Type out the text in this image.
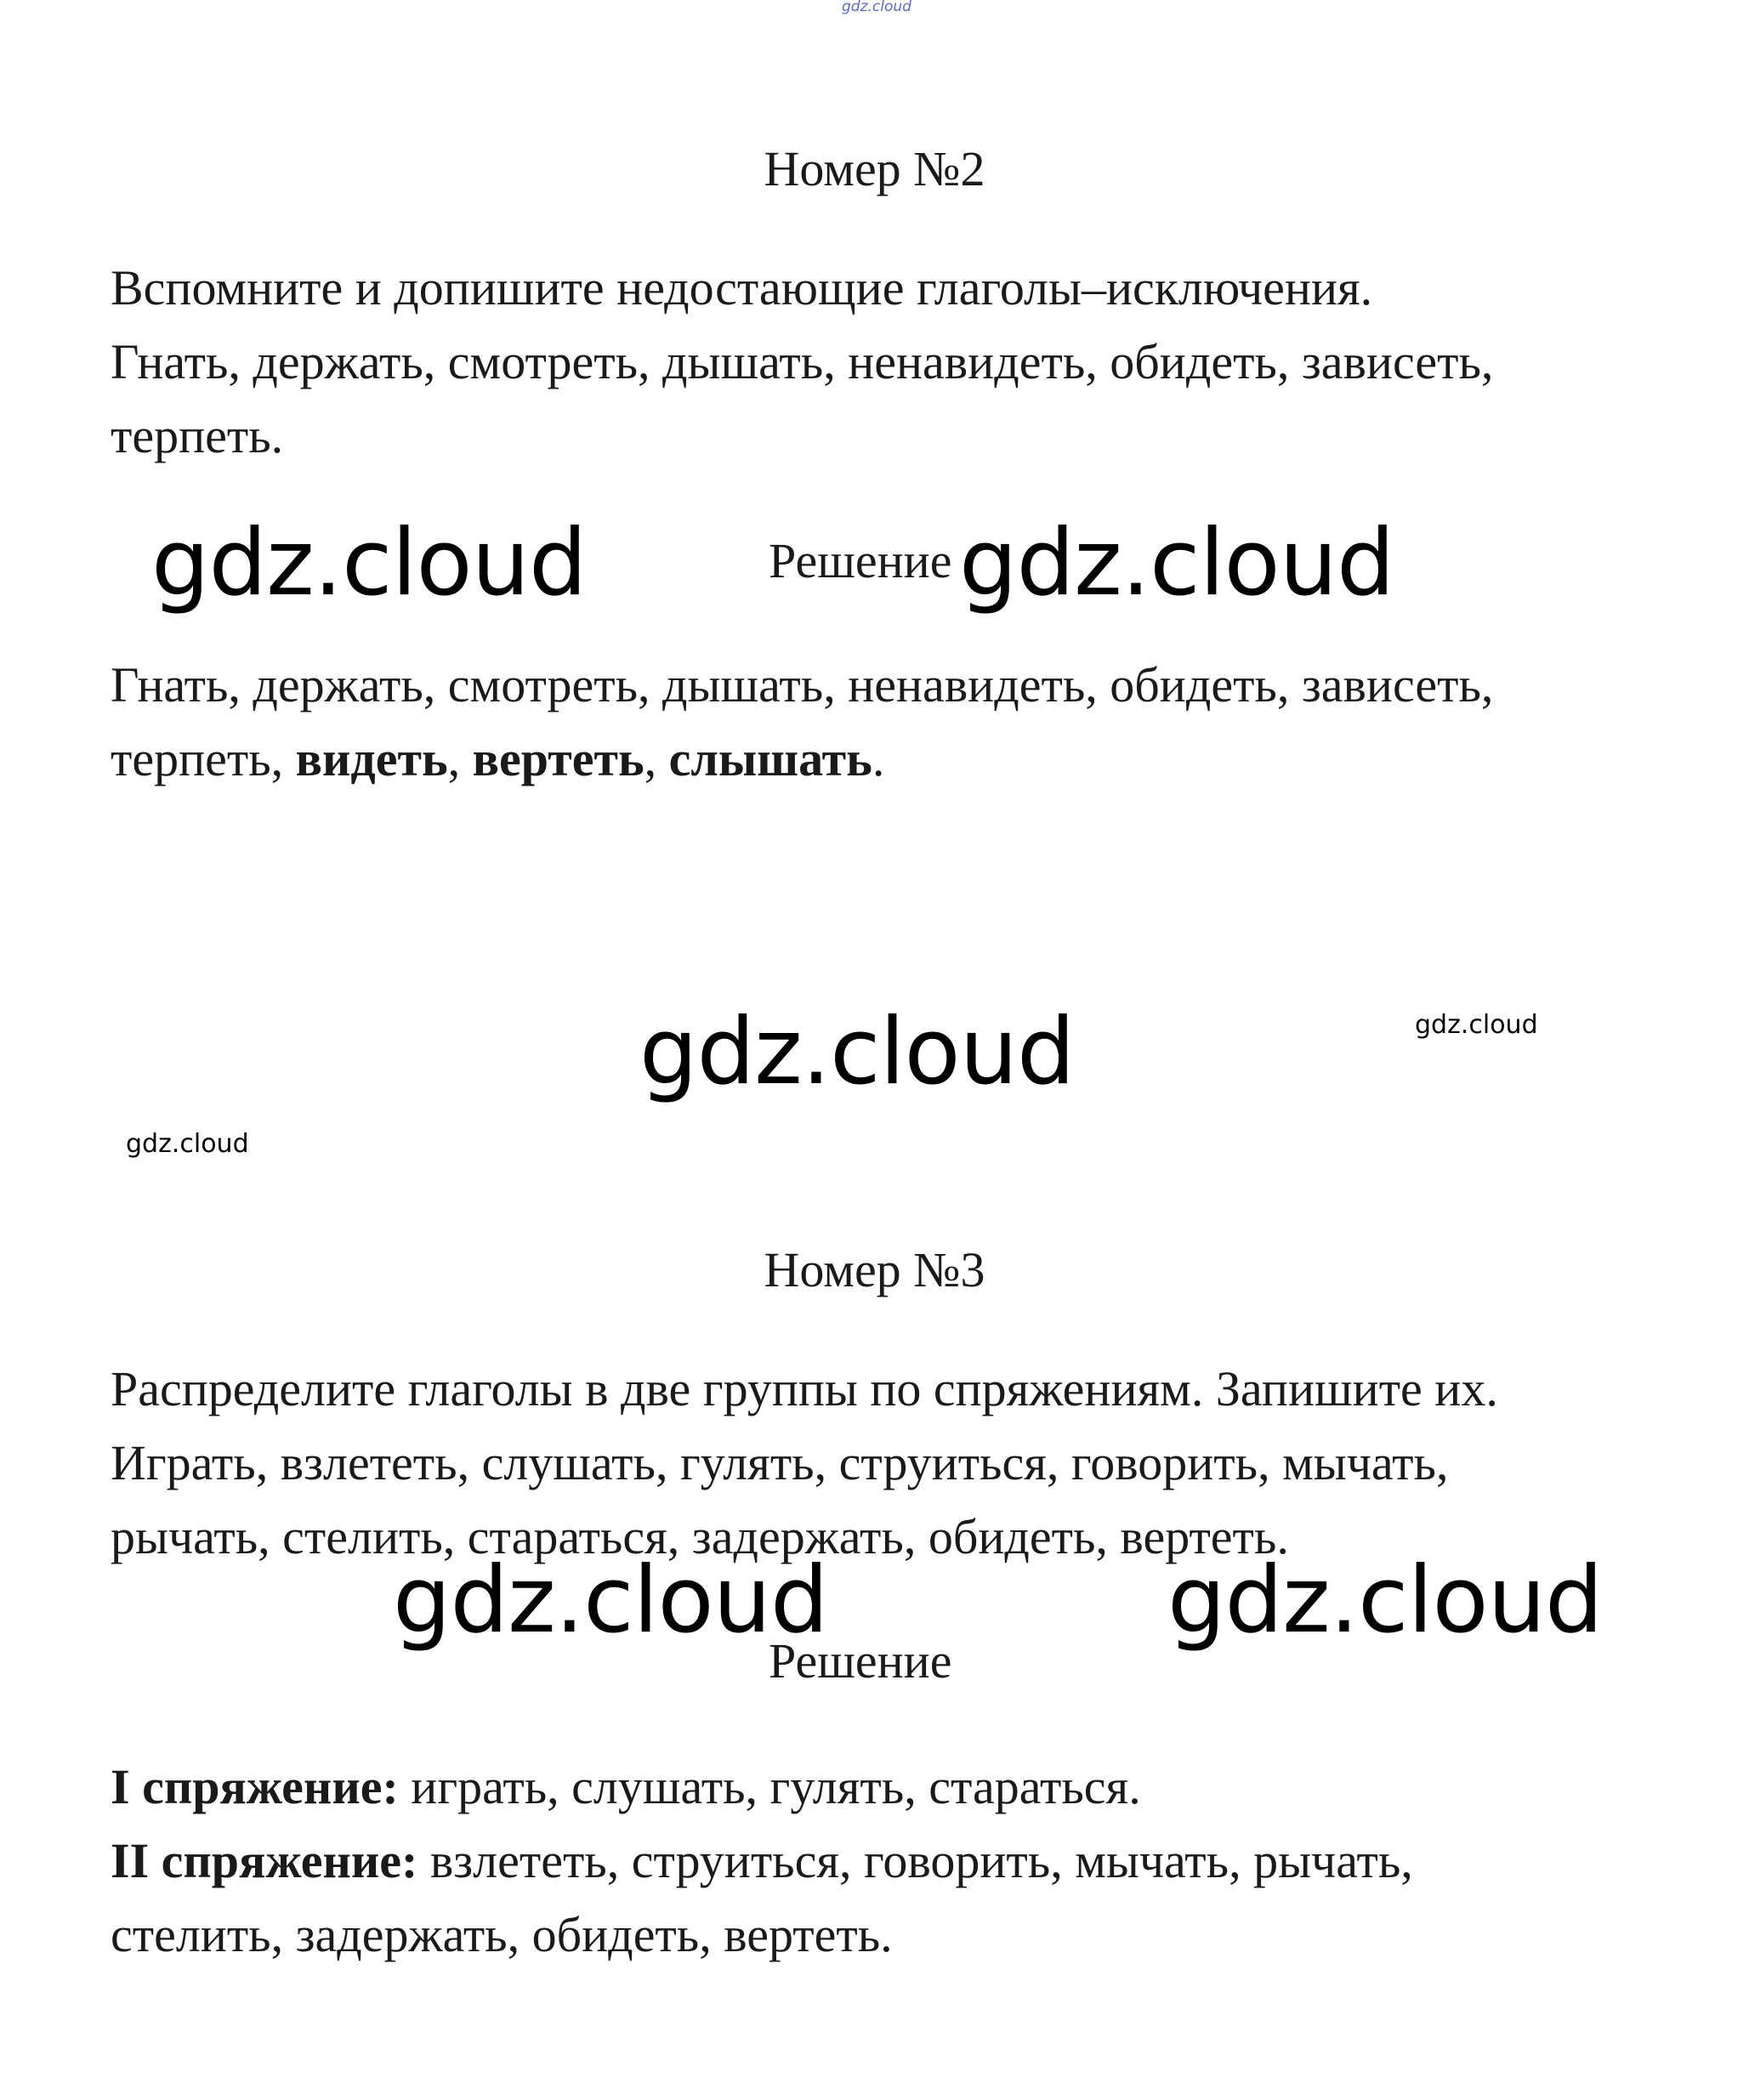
gdz.cloud
Номер №2
Вспомните и допишите недостающие глаголы–исключения.
Гнать, держать, смотреть, дышать, ненавидеть, обидеть, зависеть,
терпеть.
gdz.cloud	Решение gdz.cloud
Гнать, держать, смотреть, дышать, ненавидеть, обидеть, зависеть,
терпеть, видеть, вертеть, слышать.
gdz.cloud	gdz.cloud
gdz.cloud
Номер №3
Распределите глаголы в две группы по спряжениям. Запишите их.
Играть, взлететь, слушать, гулять, струиться, говорить, мычать,
рычать, стелить, стараться, задержать, обидеть, вертеть.
gdz.cloud	gdz.cloud
Решение
I спряжение: играть, слушать, гулять, стараться.
II спряжение: взлететь, струиться, говорить, мычать, рычать,
стелить, задержать, обидеть, вертеть.
